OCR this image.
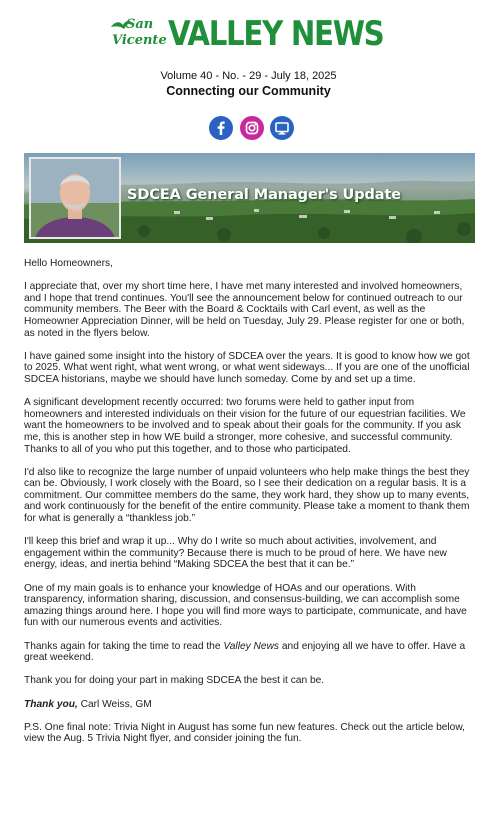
San
Vicente VALLEY NEWS
Volume 40 - No. - 29 - July 18, 2025
Connecting our Community
SDCEA General Manager's Update

Hello Homeowners,

I appreciate that, over my short time here, I have met many interested and involved homeowners, and I hope that trend continues. You'll see the announcement below for continued outreach to our community members. The Beer with the Board & Cocktails with Carl event, as well as the Homeowner Appreciation Dinner, will be held on Tuesday, July 29. Please register for one or both, as noted in the flyers below.

I have gained some insight into the history of SDCEA over the years. It is good to know how we got to 2025. What went right, what went wrong, or what went sideways... If you are one of the unofficial SDCEA historians, maybe we should have lunch someday. Come by and set up a time.

A significant development recently occurred: two forums were held to gather input from homeowners and interested individuals on their vision for the future of our equestrian facilities. We want the homeowners to be involved and to speak about their goals for the community. If you ask me, this is another step in how WE build a stronger, more cohesive, and successful community. Thanks to all of you who put this together, and to those who participated.

I'd also like to recognize the large number of unpaid volunteers who help make things the best they can be. Obviously, I work closely with the Board, so I see their dedication on a regular basis. It is a commitment. Our committee members do the same, they work hard, they show up to many events, and work continuously for the benefit of the entire community. Please take a moment to thank them for what is generally a “thankless job.”

I'll keep this brief and wrap it up... Why do I write so much about activities, involvement, and engagement within the community? Because there is much to be proud of here. We have new energy, ideas, and inertia behind “Making SDCEA the best that it can be.”

One of my main goals is to enhance your knowledge of HOAs and our operations. With transparency, information sharing, discussion, and consensus-building, we can accomplish some amazing things around here. I hope you will find more ways to participate, communicate, and have fun with our numerous events and activities.

Thanks again for taking the time to read the Valley News and enjoying all we have to offer. Have a great weekend.

Thank you for doing your part in making SDCEA the best it can be.

Thank you, Carl Weiss, GM

P.S. One final note: Trivia Night in August has some fun new features. Check out the article below, view the Aug. 5 Trivia Night flyer, and consider joining the fun.
